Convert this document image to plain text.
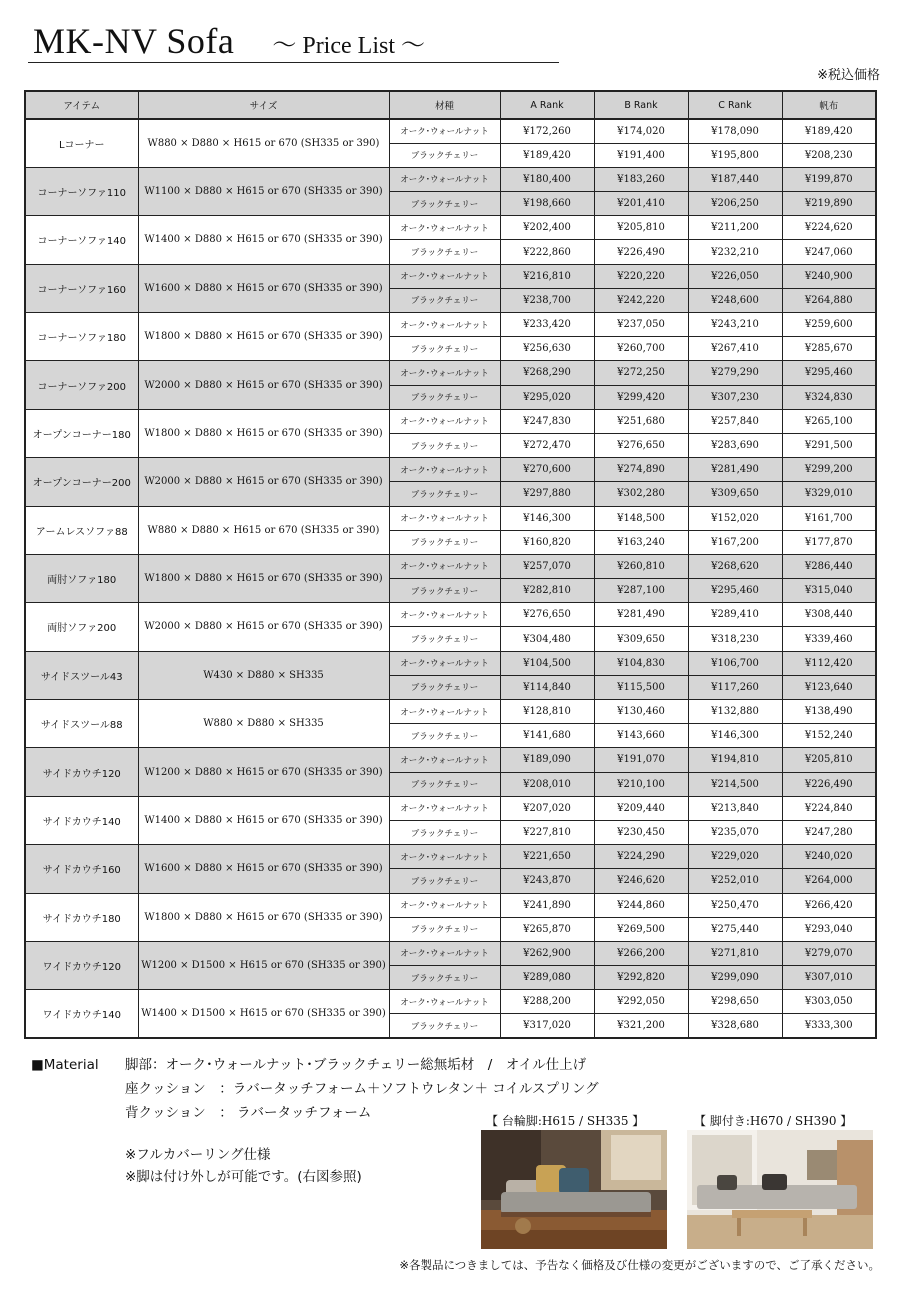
MK-NV Sofa ～ Price List ～
※税込価格
アイテム	サイズ	材種	A Rank	B Rank	C Rank	帆布
Lコーナー	W880 × D880 × H615 or 670 (SH335 or 390)	オーク･ウォールナット	¥172,260	¥174,020	¥178,090	¥189,420
		ブラックチェリー	¥189,420	¥191,400	¥195,800	¥208,230
コーナーソファ110	W1100 × D880 × H615 or 670 (SH335 or 390)	オーク･ウォールナット	¥180,400	¥183,260	¥187,440	¥199,870
		ブラックチェリー	¥198,660	¥201,410	¥206,250	¥219,890
コーナーソファ140	W1400 × D880 × H615 or 670 (SH335 or 390)	オーク･ウォールナット	¥202,400	¥205,810	¥211,200	¥224,620
		ブラックチェリー	¥222,860	¥226,490	¥232,210	¥247,060
コーナーソファ160	W1600 × D880 × H615 or 670 (SH335 or 390)	オーク･ウォールナット	¥216,810	¥220,220	¥226,050	¥240,900
		ブラックチェリー	¥238,700	¥242,220	¥248,600	¥264,880
コーナーソファ180	W1800 × D880 × H615 or 670 (SH335 or 390)	オーク･ウォールナット	¥233,420	¥237,050	¥243,210	¥259,600
		ブラックチェリー	¥256,630	¥260,700	¥267,410	¥285,670
コーナーソファ200	W2000 × D880 × H615 or 670 (SH335 or 390)	オーク･ウォールナット	¥268,290	¥272,250	¥279,290	¥295,460
		ブラックチェリー	¥295,020	¥299,420	¥307,230	¥324,830
オープンコーナー180	W1800 × D880 × H615 or 670 (SH335 or 390)	オーク･ウォールナット	¥247,830	¥251,680	¥257,840	¥265,100
		ブラックチェリー	¥272,470	¥276,650	¥283,690	¥291,500
オープンコーナー200	W2000 × D880 × H615 or 670 (SH335 or 390)	オーク･ウォールナット	¥270,600	¥274,890	¥281,490	¥299,200
		ブラックチェリー	¥297,880	¥302,280	¥309,650	¥329,010
アームレスソファ88	W880 × D880 × H615 or 670 (SH335 or 390)	オーク･ウォールナット	¥146,300	¥148,500	¥152,020	¥161,700
		ブラックチェリー	¥160,820	¥163,240	¥167,200	¥177,870
両肘ソファ180	W1800 × D880 × H615 or 670 (SH335 or 390)	オーク･ウォールナット	¥257,070	¥260,810	¥268,620	¥286,440
		ブラックチェリー	¥282,810	¥287,100	¥295,460	¥315,040
両肘ソファ200	W2000 × D880 × H615 or 670 (SH335 or 390)	オーク･ウォールナット	¥276,650	¥281,490	¥289,410	¥308,440
		ブラックチェリー	¥304,480	¥309,650	¥318,230	¥339,460
サイドスツール43	W430 × D880 × SH335	オーク･ウォールナット	¥104,500	¥104,830	¥106,700	¥112,420
		ブラックチェリー	¥114,840	¥115,500	¥117,260	¥123,640
サイドスツール88	W880 × D880 × SH335	オーク･ウォールナット	¥128,810	¥130,460	¥132,880	¥138,490
		ブラックチェリー	¥141,680	¥143,660	¥146,300	¥152,240
サイドカウチ120	W1200 × D880 × H615 or 670 (SH335 or 390)	オーク･ウォールナット	¥189,090	¥191,070	¥194,810	¥205,810
		ブラックチェリー	¥208,010	¥210,100	¥214,500	¥226,490
サイドカウチ140	W1400 × D880 × H615 or 670 (SH335 or 390)	オーク･ウォールナット	¥207,020	¥209,440	¥213,840	¥224,840
		ブラックチェリー	¥227,810	¥230,450	¥235,070	¥247,280
サイドカウチ160	W1600 × D880 × H615 or 670 (SH335 or 390)	オーク･ウォールナット	¥221,650	¥224,290	¥229,020	¥240,020
		ブラックチェリー	¥243,870	¥246,620	¥252,010	¥264,000
サイドカウチ180	W1800 × D880 × H615 or 670 (SH335 or 390)	オーク･ウォールナット	¥241,890	¥244,860	¥250,470	¥266,420
		ブラックチェリー	¥265,870	¥269,500	¥275,440	¥293,040
ワイドカウチ120	W1200 × D1500 × H615 or 670 (SH335 or 390)	オーク･ウォールナット	¥262,900	¥266,200	¥271,810	¥279,070
		ブラックチェリー	¥289,080	¥292,820	¥299,090	¥307,010
ワイドカウチ140	W1400 × D1500 × H615 or 670 (SH335 or 390)	オーク･ウォールナット	¥288,200	¥292,050	¥298,650	¥303,050
		ブラックチェリー	¥317,020	¥321,200	¥328,680	¥333,300
■Material 脚部：オーク･ウォールナット･ブラックチェリー総無垢材　/　オイル仕上げ
座クッション　：ラバータッチフォーム＋ソフトウレタン＋ コイルスプリング
背クッション　： ラバータッチフォーム
※フルカバーリング仕様
※脚は付け外しが可能です。(右図参照)
【 台輪脚:H615 / SH335 】	【 脚付き:H670 / SH390 】
※各製品につきましては、予告なく価格及び仕様の変更がございますので、ご了承ください。
